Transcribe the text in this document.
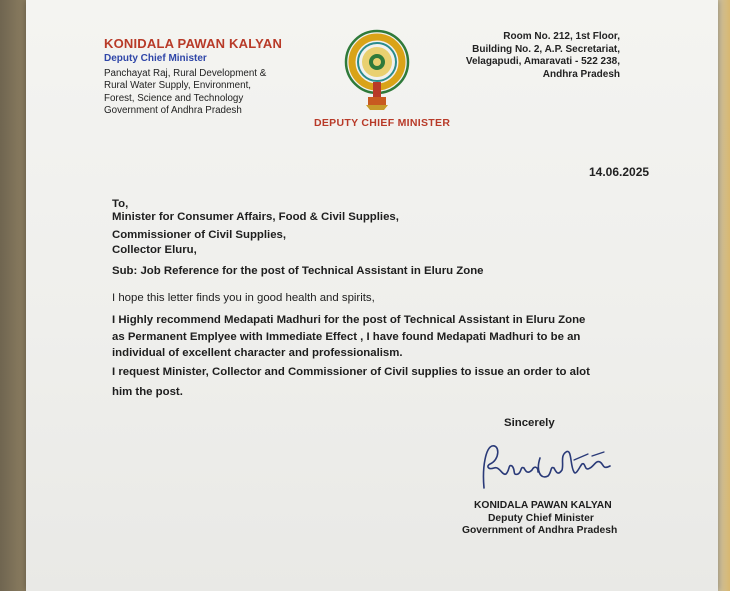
KONIDALA PAWAN KALYAN
Deputy Chief Minister
Panchayat Raj, Rural Development &
Rural Water Supply, Environment,
Forest, Science and Technology
Government of Andhra Pradesh
DEPUTY CHIEF MINISTER
Room No. 212, 1st Floor,
Building No. 2, A.P. Secretariat,
Velagapudi, Amaravati - 522 238,
Andhra Pradesh
14.06.2025
To,
Minister for Consumer Affairs, Food & Civil Supplies,
Commissioner of Civil Supplies,
Collector Eluru,
Sub: Job Reference for the post of Technical Assistant in Eluru Zone
I hope this letter finds you in good health and spirits,
I Highly recommend Medapati Madhuri for the post of Technical Assistant in Eluru Zone
as Permanent Emplyee with Immediate Effect , I have found Medapati Madhuri to be an
individual of excellent character and professionalism.
I request Minister, Collector and Commissioner of Civil supplies to issue an order to alot
him the post.
Sincerely
KONIDALA PAWAN KALYAN
Deputy Chief Minister
Government of Andhra Pradesh
